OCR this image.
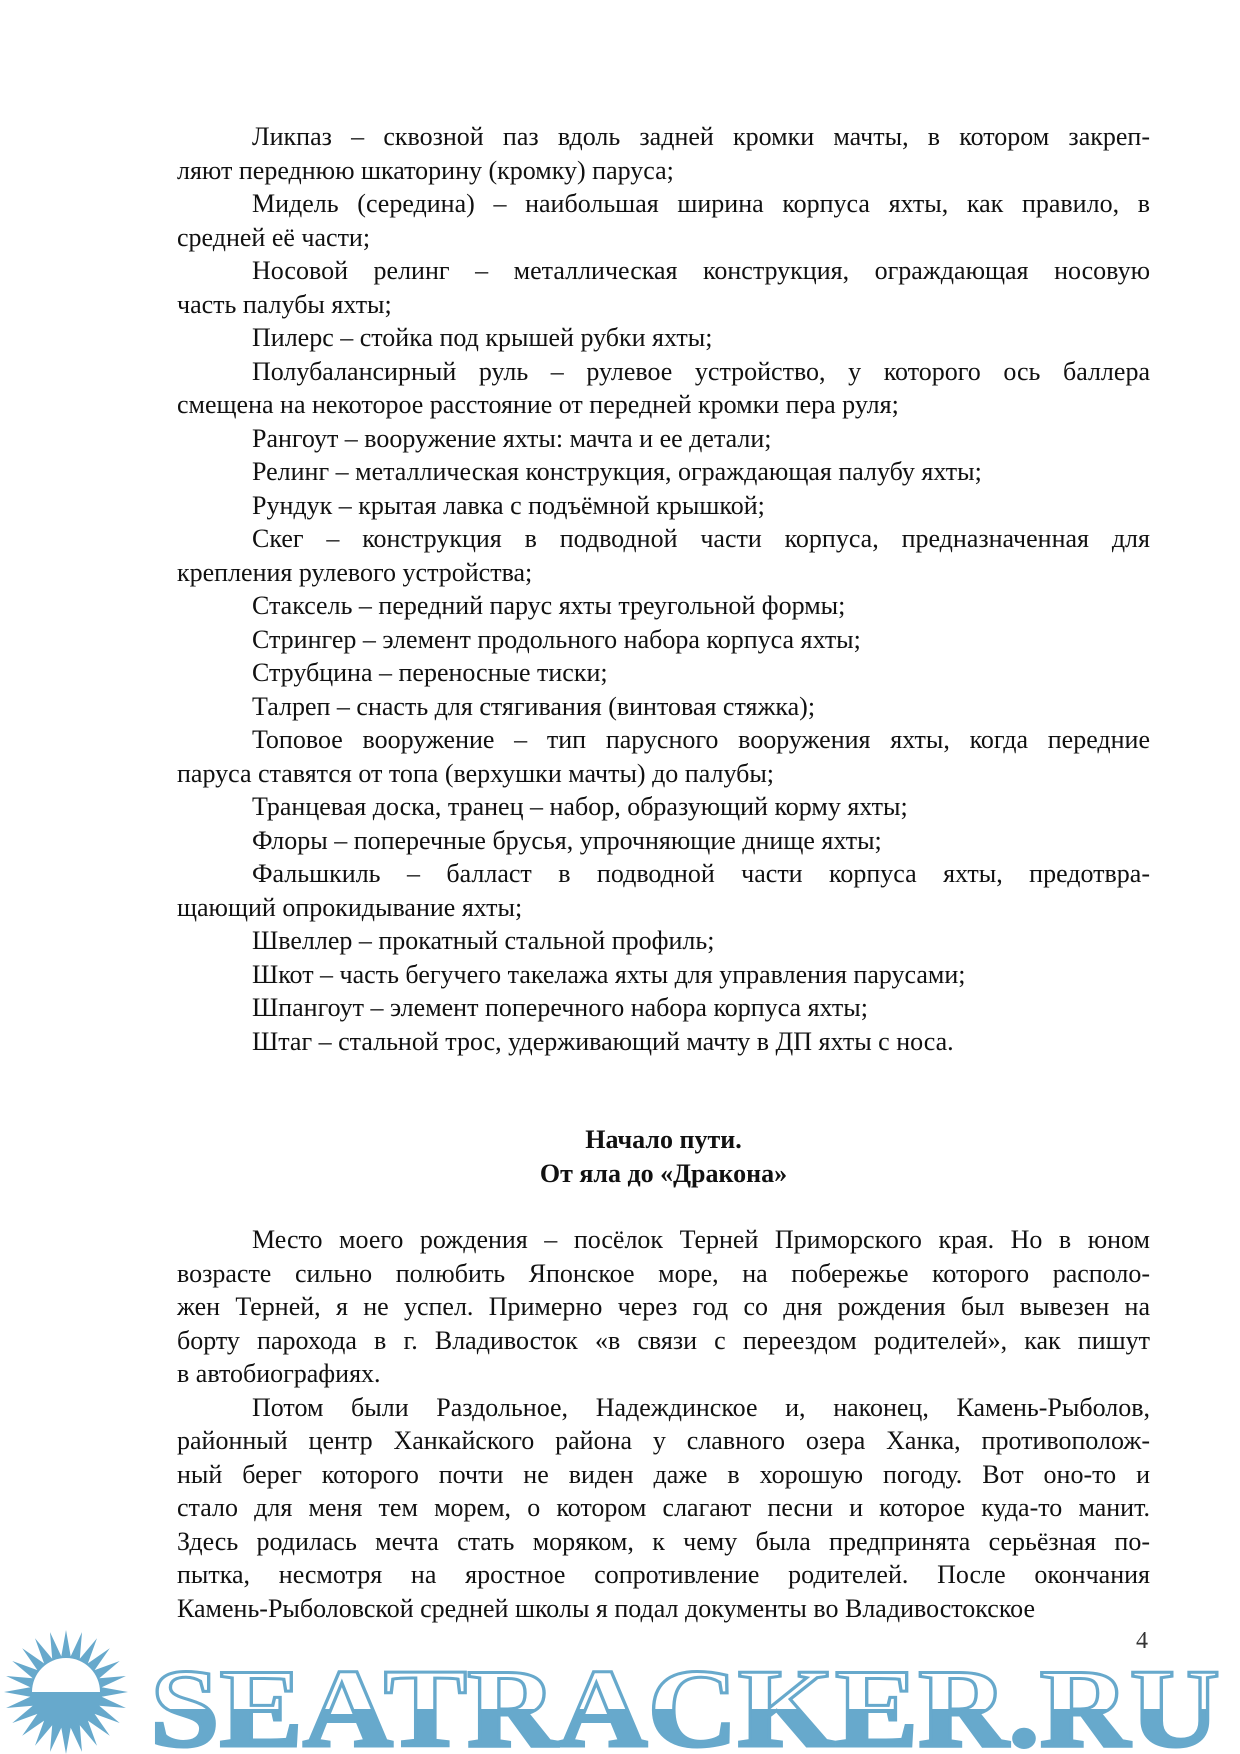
Ликпаз – сквозной паз вдоль задней кромки мачты, в котором закреп-
ляют переднюю шкаторину (кромку) паруса;
Мидель (середина) – наибольшая ширина корпуса яхты, как правило, в
средней её части;
Носовой релинг – металлическая конструкция, ограждающая носовую
часть палубы яхты;
Пилерс – стойка под крышей рубки яхты;
Полубалансирный руль – рулевое устройство, у которого ось баллера
смещена на некоторое расстояние от передней кромки пера руля;
Рангоут – вооружение яхты: мачта и ее детали;
Релинг – металлическая конструкция, ограждающая палубу яхты;
Рундук – крытая лавка с подъёмной крышкой;
Скег – конструкция в подводной части корпуса, предназначенная для
крепления рулевого устройства;
Стаксель – передний парус яхты треугольной формы;
Стрингер – элемент продольного набора корпуса яхты;
Струбцина – переносные тиски;
Талреп – снасть для стягивания (винтовая стяжка);
Топовое вооружение – тип парусного вооружения яхты, когда передние
паруса ставятся от топа (верхушки мачты) до палубы;
Транцевая доска, транец – набор, образующий корму яхты;
Флоры – поперечные брусья, упрочняющие днище яхты;
Фальшкиль – балласт в подводной части корпуса яхты, предотвра-
щающий опрокидывание яхты;
Швеллер – прокатный стальной профиль;
Шкот – часть бегучего такелажа яхты для управления парусами;
Шпангоут – элемент поперечного набора корпуса яхты;
Штаг – стальной трос, удерживающий мачту в ДП яхты с носа.
Начало пути.
От яла до «Дракона»
Место моего рождения – посёлок Терней Приморского края. Но в юном
возрасте сильно полюбить Японское море, на побережье которого располо-
жен Терней, я не успел. Примерно через год со дня рождения был вывезен на
борту парохода в г. Владивосток «в связи с переездом родителей», как пишут
в автобиографиях.
Потом были Раздольное, Надеждинское и, наконец, Камень-Рыболов,
районный центр Ханкайского района у славного озера Ханка, противополож-
ный берег которого почти не виден даже в хорошую погоду. Вот оно-то и
стало для меня тем морем, о котором слагают песни и которое куда-то манит.
Здесь родилась мечта стать моряком, к чему была предпринята серьёзная по-
пытка, несмотря на яростное сопротивление родителей. После окончания
Камень-Рыболовской средней школы я подал документы во Владивостокское
4
SEATRACKER.RU
